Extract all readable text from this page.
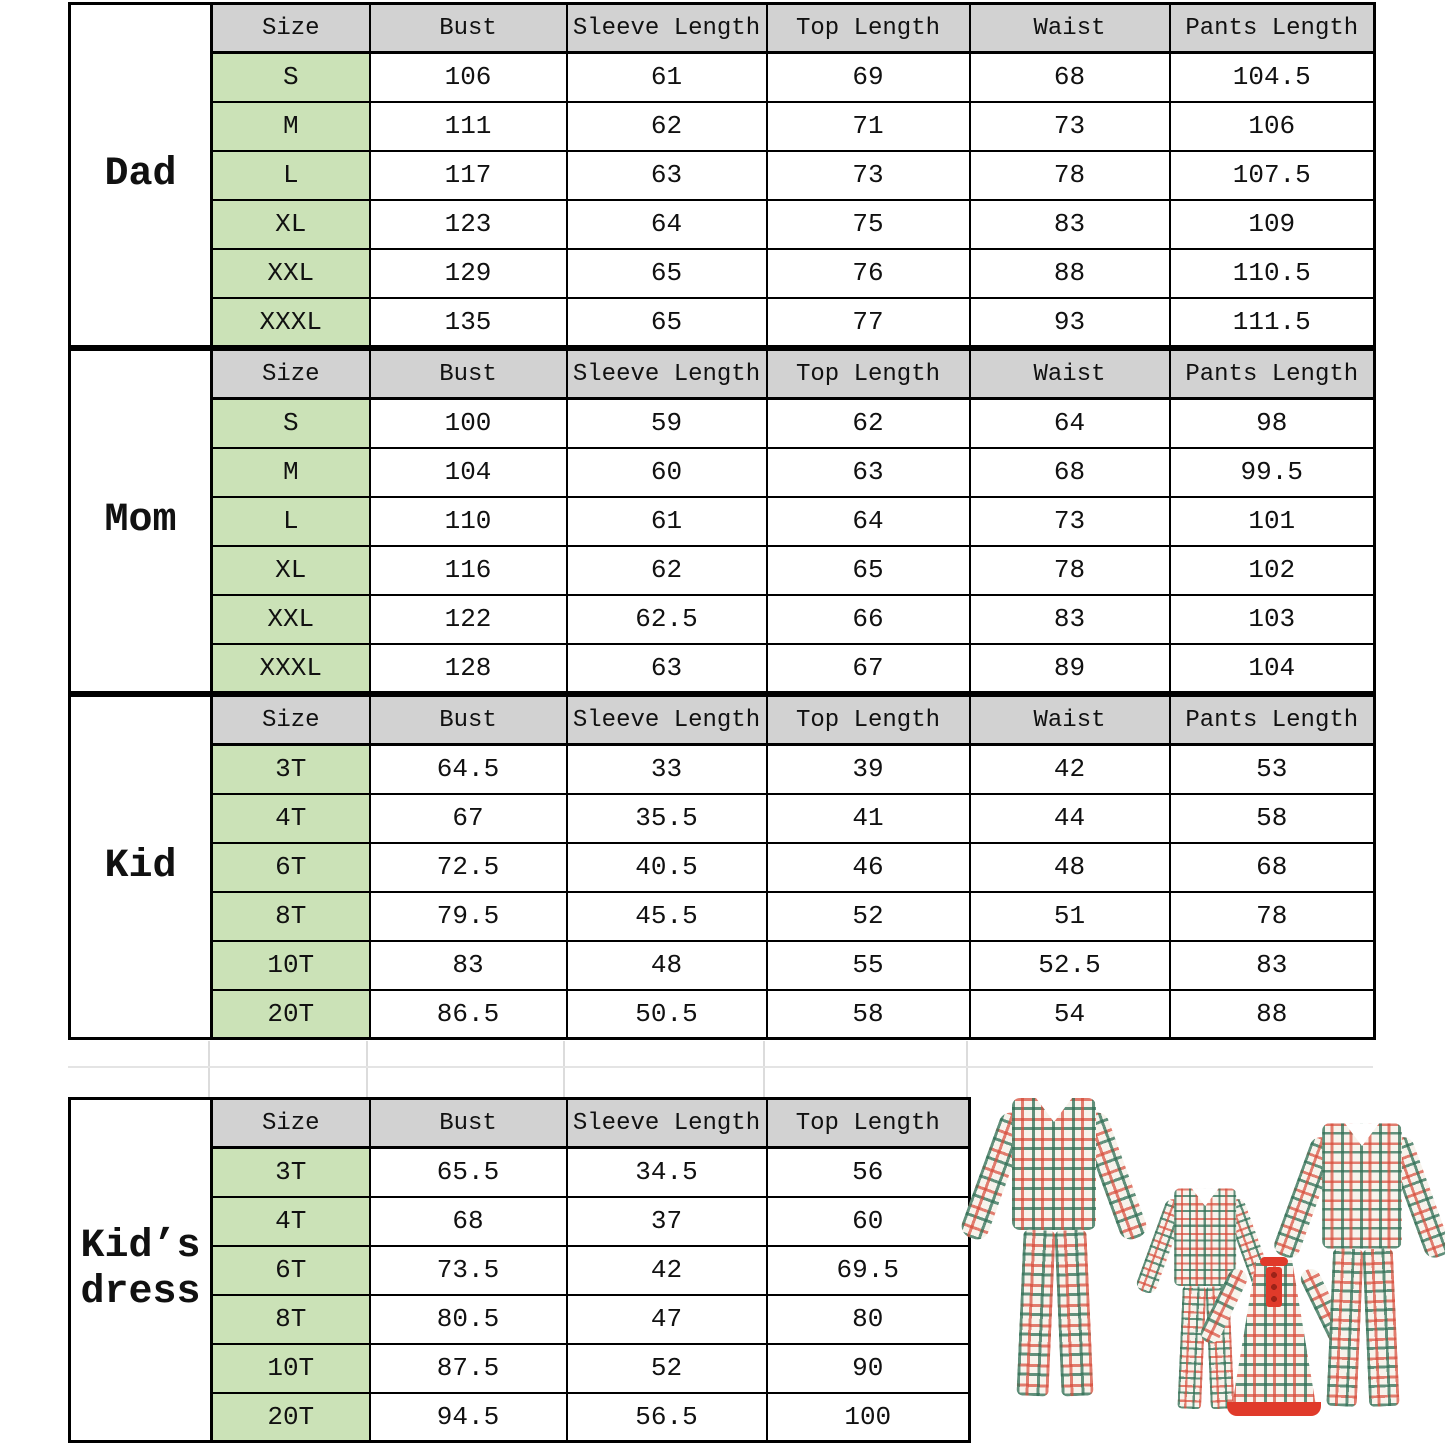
Dad	Size	Bust	Sleeve Length	Top Length	Waist	Pants Length
	S	106	61	69	68	104.5
	M	111	62	71	73	106
	L	117	63	73	78	107.5
	XL	123	64	75	83	109
	XXL	129	65	76	88	110.5
	XXXL	135	65	77	93	111.5
Mom	Size	Bust	Sleeve Length	Top Length	Waist	Pants Length
	S	100	59	62	64	98
	M	104	60	63	68	99.5
	L	110	61	64	73	101
	XL	116	62	65	78	102
	XXL	122	62.5	66	83	103
	XXXL	128	63	67	89	104
Kid	Size	Bust	Sleeve Length	Top Length	Waist	Pants Length
	3T	64.5	33	39	42	53
	4T	67	35.5	41	44	58
	6T	72.5	40.5	46	48	68
	8T	79.5	45.5	52	51	78
	10T	83	48	55	52.5	83
	20T	86.5	50.5	58	54	88
Kid’s dress	Size	Bust	Sleeve Length	Top Length
	3T	65.5	34.5	56
	4T	68	37	60
	6T	73.5	42	69.5
	8T	80.5	47	80
	10T	87.5	52	90
	20T	94.5	56.5	100
